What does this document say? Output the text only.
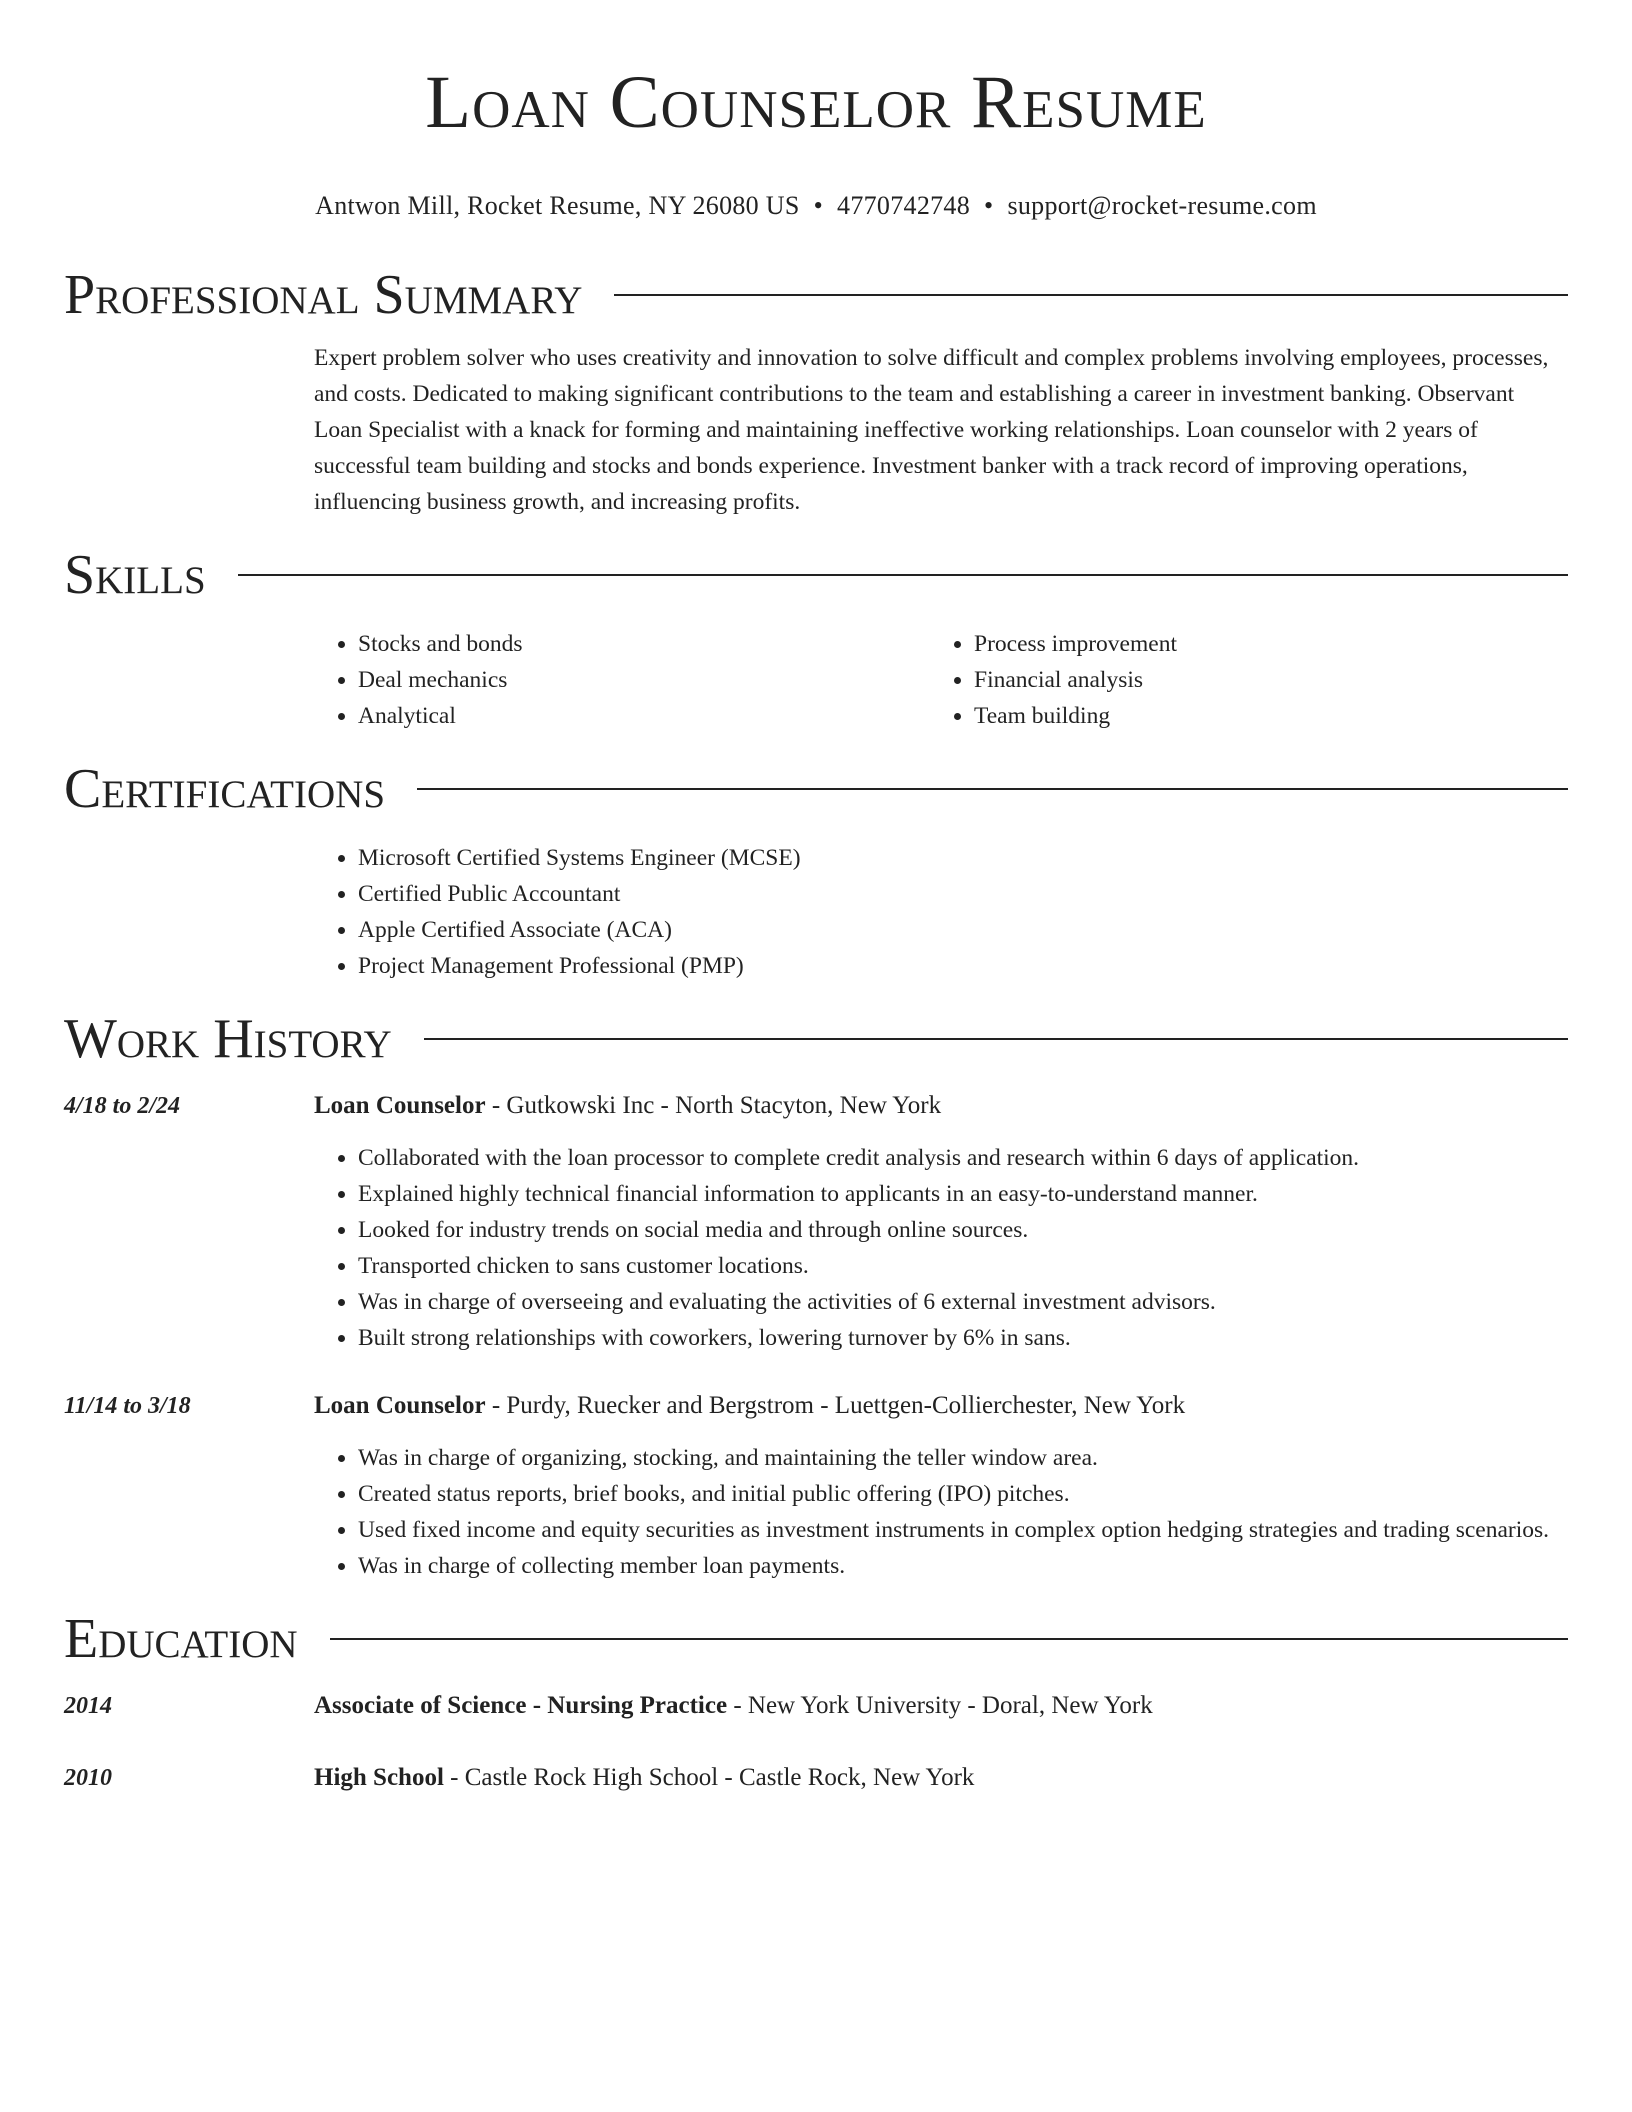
Loan Counselor Resume
Antwon Mill, Rocket Resume, NY 26080 US • 4770742748 • support@rocket-resume.com
Professional Summary

Expert problem solver who uses creativity and innovation to solve difficult and complex problems involving employees, processes, and costs. Dedicated to making significant contributions to the team and establishing a career in investment banking. Observant Loan Specialist with a knack for forming and maintaining ineffective working relationships. Loan counselor with 2 years of successful team building and stocks and bonds experience. Investment banker with a track record of improving operations, influencing business growth, and increasing profits.

Skills
• Stocks and bonds
• Deal mechanics
• Analytical
• Process improvement
• Financial analysis
• Team building
Certifications
• Microsoft Certified Systems Engineer (MCSE)
• Certified Public Accountant
• Apple Certified Associate (ACA)
• Project Management Professional (PMP)
Work History
4/18 to 2/24	Loan Counselor - Gutkowski Inc - North Stacyton, New York
• Collaborated with the loan processor to complete credit analysis and research within 6 days of application.
• Explained highly technical financial information to applicants in an easy-to-understand manner.
• Looked for industry trends on social media and through online sources.
• Transported chicken to sans customer locations.
• Was in charge of overseeing and evaluating the activities of 6 external investment advisors.
• Built strong relationships with coworkers, lowering turnover by 6% in sans.
11/14 to 3/18	Loan Counselor - Purdy, Ruecker and Bergstrom - Luettgen-Collierchester, New York
• Was in charge of organizing, stocking, and maintaining the teller window area.
• Created status reports, brief books, and initial public offering (IPO) pitches.
• Used fixed income and equity securities as investment instruments in complex option hedging strategies and trading scenarios.
• Was in charge of collecting member loan payments.
Education
2014	Associate of Science - Nursing Practice - New York University - Doral, New York
2010	High School - Castle Rock High School - Castle Rock, New York
